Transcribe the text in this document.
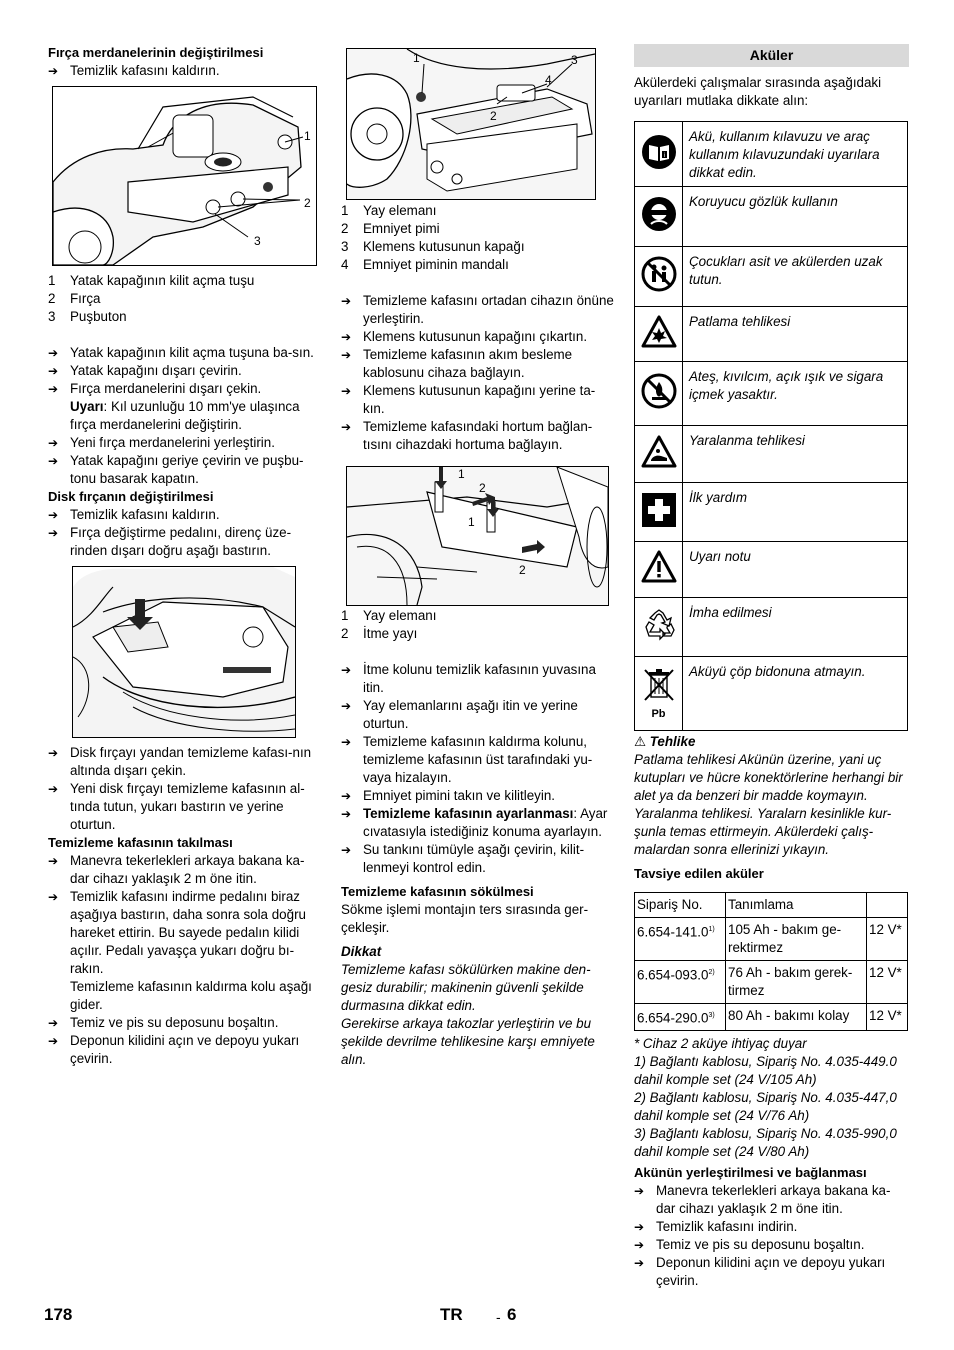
Fırça merdanelerinin değiştirilmesi

➔ Temizlik kafasını kaldırın.

1
2
3
1 Yatak kapağının kilit açma tuşu
2 Fırça
3 Puşbuton

➔ Yatak kapağının kilit açma tuşuna ba-sın.

➔ Yatak kapağını dışarı çevirin.

➔ Fırça merdanelerini dışarı çekin.

Uyarı: Kıl uzunluğu 10 mm'ye ulaşınca fırça merdanelerini değiştirin.

➔ Yeni fırça merdanelerini yerleştirin.

➔ Yatak kapağını geriye çevirin ve puşbu-tonu basarak kapatın.

Disk fırçanın değiştirilmesi

➔ Temizlik kafasını kaldırın.

➔ Fırça değiştirme pedalını, direnç üze-rinden dışarı doğru aşağı bastırın.

➔ Disk fırçayı yandan temizleme kafası-nın altında dışarı çekin.

➔ Yeni disk fırçayı temizleme kafasının al-tında tutun, yukarı bastırın ve yerine oturtun.

Temizleme kafasının takılması

➔ Manevra tekerlekleri arkaya bakana ka-dar cihazı yaklaşık 2 m öne itin.

➔ Temizlik kafasını indirme pedalını biraz aşağıya bastırın, daha sonra sola doğru hareket ettirin. Bu sayede pedalın kilidi açılır. Pedalı yavaşça yukarı doğru bı-rakın.

Temizleme kafasının kaldırma kolu aşağı gider.

➔ Temiz ve pis su deposunu boşaltın.

➔ Deponun kilidini açın ve depoyu yukarı çevirin.

1	3
4
2
1 Yay elemanı
2 Emniyet pimi
3 Klemens kutusunun kapağı
4 Emniyet piminin mandalı

➔ Temizleme kafasını ortadan cihazın önüne yerleştirin.

➔ Klemens kutusunun kapağını çıkartın.

➔ Temizleme kafasının akım besleme kablosunu cihaza bağlayın.

➔ Klemens kutusunun kapağını yerine ta-kın.

➔ Temizleme kafasındaki hortum bağlan-tısını cihazdaki hortuma bağlayın.

1
2
1
2
1 Yay elemanı
2 İtme yayı

➔ İtme kolunu temizlik kafasının yuvasına itin.

➔ Yay elemanlarını aşağı itin ve yerine oturtun.

➔ Temizleme kafasının kaldırma kolunu, temizleme kafasının üst tarafındaki yu-vaya hizalayın.

➔ Emniyet pimini takın ve kilitleyin.

➔ Temizleme kafasının ayarlanması: Ayar cıvatasıyla istediğiniz konuma ayarlayın.

➔ Su tankını tümüyle aşağı çevirin, kilit-lenmeyi kontrol edin.

Temizleme kafasının sökülmesi

Sökme işlemi montajın ters sırasında ger-çekleşir.

Dikkat

Temizleme kafası sökülürken makine den-gesiz durabilir; makinenin güvenli şekilde durmasına dikkat edin.

Gerekirse arkaya takozlar yerleştirin ve bu şekilde devrilme tehlikesine karşı emniyete alın.

Aküler

Akülerdeki çalışmalar sırasında aşağıdaki uyarıları mutlaka dikkate alın:

i	Akü, kullanım kılavuzu ve araç kullanım kılavuzundaki uyarılara dikkat edin.
	Koruyucu gözlük kullanın
	Çocukları asit ve akülerden uzak tutun.
	Patlama tehlikesi
	Ateş, kıvılcım, açık ışık ve sigara içmek yasaktır.
	Yaralanma tehlikesi
	İlk yardım
	Uyarı notu
	İmha edilmesi

Pb	Aküyü çöp bidonuna atmayın.

⚠ Tehlike

Patlama tehlikesi Akünün üzerine, yani uç kutupları ve hücre konektörlerine herhangi bir alet ya da benzeri bir madde koymayın. Yaralanma tehlikesi. Yaralarn kesinlikle kur-şunla temas ettirmeyin. Akülerdeki çalış-malardan sonra ellerinizi yıkayın.

Tavsiye edilen aküler

Sipariş No.	Tanımlama	
6.654-141.0$^{1)}$	105 Ah - bakım ge-rektirmez	12 V*
6.654-093.0$^{2)}$	76 Ah - bakım gerek-tirmez	12 V*
6.654-290.0$^{3)}$	80 Ah - bakımı kolay	12 V*

* Cihaz 2 aküye ihtiyaç duyar

1) Bağlantı kablosu, Sipariş No. 4.035-449.0 dahil komple set (24 V/105 Ah)

2) Bağlantı kablosu, Sipariş No. 4.035-447,0 dahil komple set (24 V/76 Ah)

3) Bağlantı kablosu, Sipariş No. 4.035-990,0 dahil komple set (24 V/80 Ah)

Akünün yerleştirilmesi ve bağlanması

➔ Manevra tekerlekleri arkaya bakana ka-dar cihazı yaklaşık 2 m öne itin.

➔ Temizlik kafasını indirin.

➔ Temiz ve pis su deposunu boşaltın.

➔ Deponun kilidini açın ve depoyu yukarı çevirin.

178	TR - 6
